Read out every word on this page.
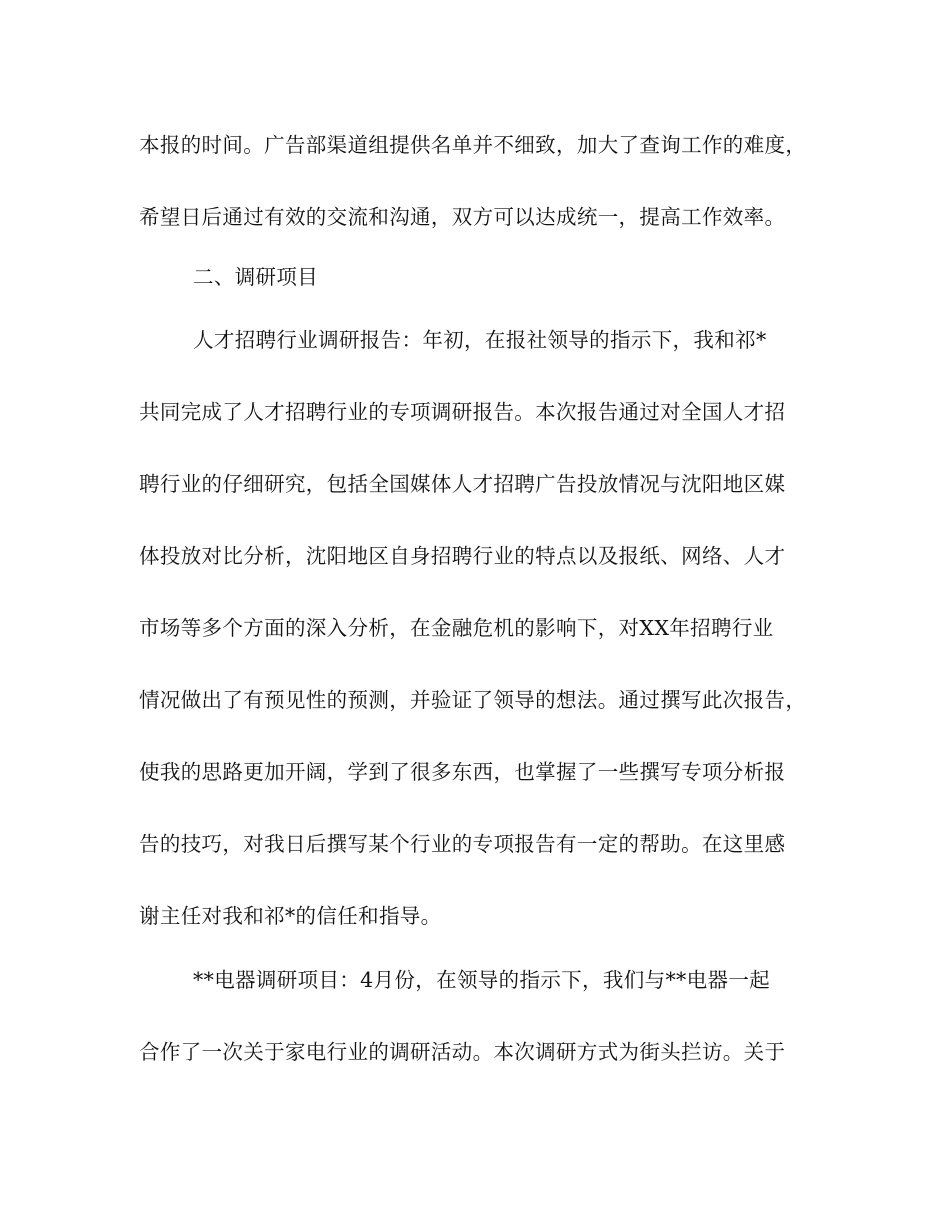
本报的时间。广告部渠道组提供名单并不细致，加大了查询工作的难度，
希望日后通过有效的交流和沟通，双方可以达成统一，提高工作效率。
二、调研项目
人才招聘行业调研报告：年初，在报社领导的指示下，我和祁*
共同完成了人才招聘行业的专项调研报告。本次报告通过对全国人才招
聘行业的仔细研究，包括全国媒体人才招聘广告投放情况与沈阳地区媒
体投放对比分析，沈阳地区自身招聘行业的特点以及报纸、网络、人才
市场等多个方面的深入分析，在金融危机的影响下，对XX年招聘行业
情况做出了有预见性的预测，并验证了领导的想法。通过撰写此次报告，
使我的思路更加开阔，学到了很多东西，也掌握了一些撰写专项分析报
告的技巧，对我日后撰写某个行业的专项报告有一定的帮助。在这里感
谢主任对我和祁*的信任和指导。
**电器调研项目：4月份，在领导的指示下，我们与**电器一起
合作了一次关于家电行业的调研活动。本次调研方式为街头拦访。关于
